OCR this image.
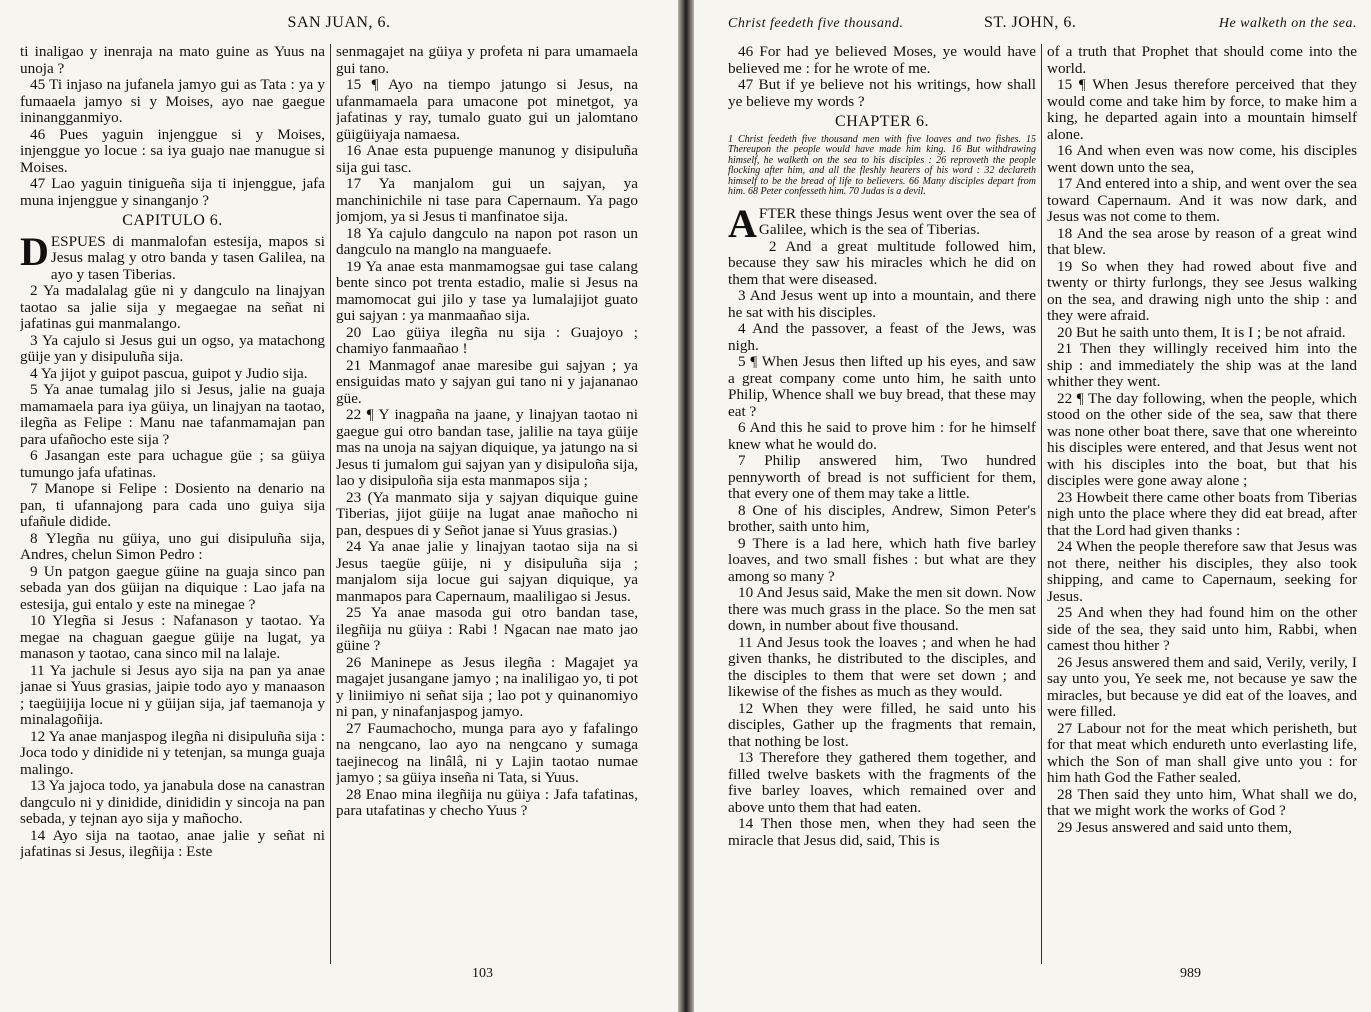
SAN JUAN, 6.

ti inaligao y inenraja na mato guine as Yuus na unoja ?

45 Ti injaso na jufanela jamyo gui as Tata : ya y fumaaela jamyo si y Moises, ayo nae gaegue ininangganmiyo.

46 Pues yaguin injenggue si y Moises, injenggue yo locue : sa iya guajo nae manugue si Moises.

47 Lao yaguin tinigueña sija ti injenggue, jafa muna injenggue y sinanganjo ?

CAPITULO 6.

DESPUES di manmalofan estesija, mapos si Jesus malag y otro banda y tasen Galilea, na ayo y tasen Tiberias.

2 Ya madalalag güe ni y dangculo na linajyan taotao sa jalie sija y megaegae na señat ni jafatinas gui manmalango.

3 Ya cajulo si Jesus gui un ogso, ya matachong güije yan y disipuluña sija.

4 Ya jijot y guipot pascua, guipot y Judio sija.

5 Ya anae tumalag jilo si Jesus, jalie na guaja mamamaela para iya güiya, un linajyan na taotao, ilegña as Felipe : Manu nae tafanmamajan pan para ufañocho este sija ?

6 Jasangan este para uchague güe ; sa güiya tumungo jafa ufatinas.

7 Manope si Felipe : Dosiento na denario na pan, ti ufannajong para cada uno guiya sija ufañule didide.

8 Ylegña nu güiya, uno gui disipuluña sija, Andres, chelun Simon Pedro :

9 Un patgon gaegue güine na guaja sinco pan sebada yan dos güijan na diquique : Lao jafa na estesija, gui entalo y este na minegae ?

10 Ylegña si Jesus : Nafanason y taotao. Ya megae na chaguan gaegue güije na lugat, ya manason y taotao, cana sinco mil na lalaje.

11 Ya jachule si Jesus ayo sija na pan ya anae janae si Yuus grasias, jaipie todo ayo y manaason ; taegüijija locue ni y güijan sija, jaf taemanoja y minalagoñija.

12 Ya anae manjaspog ilegña ni disipuluña sija : Joca todo y dinidide ni y tetenjan, sa munga guaja malingo.

13 Ya jajoca todo, ya janabula dose na canastran dangculo ni y dinidide, dinididin y sincoja na pan sebada, y tejnan ayo sija y mañocho.

14 Ayo sija na taotao, anae jalie y señat ni jafatinas si Jesus, ilegñija : Este

senmagajet na güiya y profeta ni para umamaela gui tano.

15 ¶ Ayo na tiempo jatungo si Jesus, na ufanmamaela para umacone pot minetgot, ya jafatinas y ray, tumalo guato gui un jalomtano güigüiyaja namaesa.

16 Anae esta pupuenge manunog y disipuluña sija gui tasc.

17 Ya manjalom gui un sajyan, ya manchinichile ni tase para Capernaum. Ya pago jomjom, ya si Jesus ti manfinatoe sija.

18 Ya cajulo dangculo na napon pot rason un dangculo na manglo na manguaefe.

19 Ya anae esta manmamogsae gui tase calang bente sinco pot trenta estadio, malie si Jesus na mamomocat gui jilo y tase ya lumalajijot guato gui sajyan : ya manmaañao sija.

20 Lao güiya ilegña nu sija : Guajoyo ; chamiyo fanmaañao !

21 Manmagof anae maresibe gui sajyan ; ya ensiguidas mato y sajyan gui tano ni y jajananao güe.

22 ¶ Y inagpaña na jaane, y linajyan taotao ni gaegue gui otro bandan tase, jalilie na taya güije mas na unoja na sajyan diquique, ya jatungo na si Jesus ti jumalom gui sajyan yan y disipuloña sija, lao y disipuloña sija esta manmapos sija ;

23 (Ya manmato sija y sajyan diquique guine Tiberias, jijot güije na lugat anae mañocho ni pan, despues di y Señot janae si Yuus grasias.)

24 Ya anae jalie y linajyan taotao sija na si Jesus taegüe güije, ni y disipuluña sija ; manjalom sija locue gui sajyan diquique, ya manmapos para Capernaum, maaliligao si Jesus.

25 Ya anae masoda gui otro bandan tase, ilegñija nu güiya : Rabi ! Ngacan nae mato jao güine ?

26 Maninepe as Jesus ilegña : Magajet ya magajet jusangane jamyo ; na inaliligao yo, ti pot y liniimiyo ni señat sija ; lao pot y quinanomiyo ni pan, y ninafanjaspog jamyo.

27 Faumachocho, munga para ayo y fafalingo na nengcano, lao ayo na nengcano y sumaga taejinecog na linâlâ, ni y Lajin taotao numae jamyo ; sa güiya inseña ni Tata, si Yuus.

28 Enao mina ilegñija nu güiya : Jafa tafatinas, para utafatinas y checho Yuus ?

103
Christ feedeth five thousand.	ST. JOHN, 6.	He walketh on the sea.

46 For had ye believed Moses, ye would have believed me : for he wrote of me.

47 But if ye believe not his writings, how shall ye believe my words ?

CHAPTER 6.

1 Christ feedeth five thousand men with five loaves and two fishes. 15 Thereupon the people would have made him king. 16 But withdrawing himself, he walketh on the sea to his disciples : 26 reproveth the people flocking after him, and all the fleshly hearers of his word : 32 declareth himself to be the bread of life to believers. 66 Many disciples depart from him. 68 Peter confesseth him. 70 Judas is a devil.

AFTER these things Jesus went over the sea of Galilee, which is the sea of Tiberias.

2 And a great multitude followed him, because they saw his miracles which he did on them that were diseased.

3 And Jesus went up into a mountain, and there he sat with his disciples.

4 And the passover, a feast of the Jews, was nigh.

5 ¶ When Jesus then lifted up his eyes, and saw a great company come unto him, he saith unto Philip, Whence shall we buy bread, that these may eat ?

6 And this he said to prove him : for he himself knew what he would do.

7 Philip answered him, Two hundred pennyworth of bread is not sufficient for them, that every one of them may take a little.

8 One of his disciples, Andrew, Simon Peter's brother, saith unto him,

9 There is a lad here, which hath five barley loaves, and two small fishes : but what are they among so many ?

10 And Jesus said, Make the men sit down. Now there was much grass in the place. So the men sat down, in number about five thousand.

11 And Jesus took the loaves ; and when he had given thanks, he distributed to the disciples, and the disciples to them that were set down ; and likewise of the fishes as much as they would.

12 When they were filled, he said unto his disciples, Gather up the fragments that remain, that nothing be lost.

13 Therefore they gathered them together, and filled twelve baskets with the fragments of the five barley loaves, which remained over and above unto them that had eaten.

14 Then those men, when they had seen the miracle that Jesus did, said, This is

of a truth that Prophet that should come into the world.

15 ¶ When Jesus therefore perceived that they would come and take him by force, to make him a king, he departed again into a mountain himself alone.

16 And when even was now come, his disciples went down unto the sea,

17 And entered into a ship, and went over the sea toward Capernaum. And it was now dark, and Jesus was not come to them.

18 And the sea arose by reason of a great wind that blew.

19 So when they had rowed about five and twenty or thirty furlongs, they see Jesus walking on the sea, and drawing nigh unto the ship : and they were afraid.

20 But he saith unto them, It is I ; be not afraid.

21 Then they willingly received him into the ship : and immediately the ship was at the land whither they went.

22 ¶ The day following, when the people, which stood on the other side of the sea, saw that there was none other boat there, save that one whereinto his disciples were entered, and that Jesus went not with his disciples into the boat, but that his disciples were gone away alone ;

23 Howbeit there came other boats from Tiberias nigh unto the place where they did eat bread, after that the Lord had given thanks :

24 When the people therefore saw that Jesus was not there, neither his disciples, they also took shipping, and came to Capernaum, seeking for Jesus.

25 And when they had found him on the other side of the sea, they said unto him, Rabbi, when camest thou hither ?

26 Jesus answered them and said, Verily, verily, I say unto you, Ye seek me, not because ye saw the miracles, but because ye did eat of the loaves, and were filled.

27 Labour not for the meat which perisheth, but for that meat which endureth unto everlasting life, which the Son of man shall give unto you : for him hath God the Father sealed.

28 Then said they unto him, What shall we do, that we might work the works of God ?

29 Jesus answered and said unto them,

989
